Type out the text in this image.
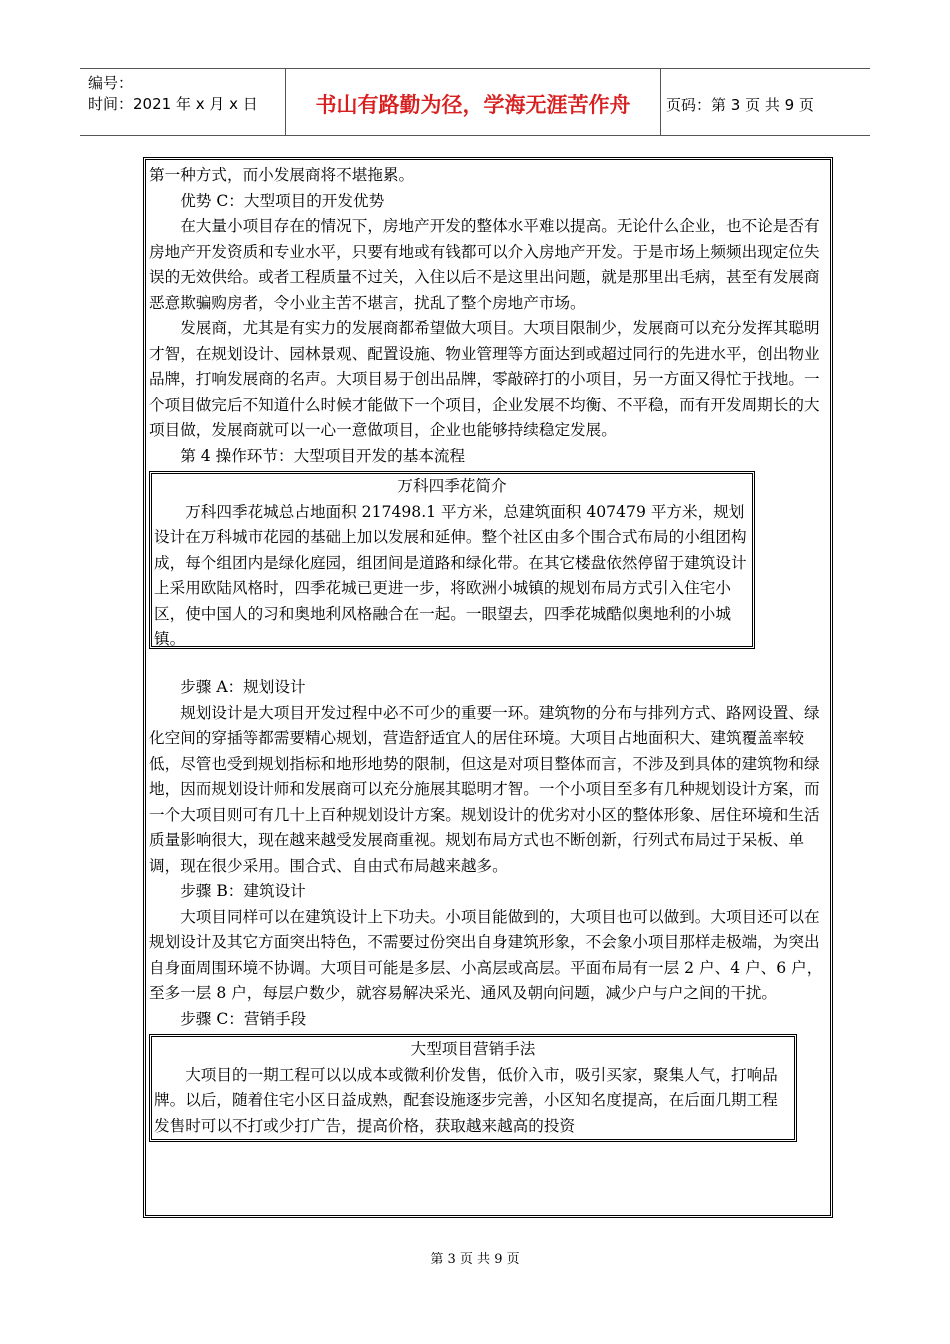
编号：
时间：2021 年 x 月 x 日	书山有路勤为径，学海无涯苦作舟	页码：第 3 页 共 9 页

第一种方式，而小发展商将不堪拖累。

优势 C：大型项目的开发优势

在大量小项目存在的情况下，房地产开发的整体水平难以提高。无论什么企业，也不论是否有房地产开发资质和专业水平，只要有地或有钱都可以介入房地产开发。于是市场上频频出现定位失误的无效供给。或者工程质量不过关，入住以后不是这里出问题，就是那里出毛病，甚至有发展商恶意欺骗购房者，令小业主苦不堪言，扰乱了整个房地产市场。

发展商，尤其是有实力的发展商都希望做大项目。大项目限制少，发展商可以充分发挥其聪明才智，在规划设计、园林景观、配置设施、物业管理等方面达到或超过同行的先进水平，创出物业品牌，打响发展商的名声。大项目易于创出品牌，零敲碎打的小项目，另一方面又得忙于找地。一个项目做完后不知道什么时候才能做下一个项目，企业发展不均衡、不平稳，而有开发周期长的大项目做，发展商就可以一心一意做项目，企业也能够持续稳定发展。

第 4 操作环节：大型项目开发的基本流程

万科四季花简介

万科四季花城总占地面积 217498.1 平方米，总建筑面积 407479 平方米，规划设计在万科城市花园的基础上加以发展和延伸。整个社区由多个围合式布局的小组团构成，每个组团内是绿化庭园，组团间是道路和绿化带。在其它楼盘依然停留于建筑设计上采用欧陆风格时，四季花城已更进一步，将欧洲小城镇的规划布局方式引入住宅小区，使中国人的习和奥地利风格融合在一起。一眼望去，四季花城酷似奥地利的小城镇。

步骤 A：规划设计

规划设计是大项目开发过程中必不可少的重要一环。建筑物的分布与排列方式、路网设置、绿化空间的穿插等都需要精心规划，营造舒适宜人的居住环境。大项目占地面积大、建筑覆盖率较低，尽管也受到规划指标和地形地势的限制，但这是对项目整体而言，不涉及到具体的建筑物和绿地，因而规划设计师和发展商可以充分施展其聪明才智。一个小项目至多有几种规划设计方案，而一个大项目则可有几十上百种规划设计方案。规划设计的优劣对小区的整体形象、居住环境和生活质量影响很大，现在越来越受发展商重视。规划布局方式也不断创新，行列式布局过于呆板、单调，现在很少采用。围合式、自由式布局越来越多。

步骤 B：建筑设计

大项目同样可以在建筑设计上下功夫。小项目能做到的，大项目也可以做到。大项目还可以在规划设计及其它方面突出特色，不需要过份突出自身建筑形象，不会象小项目那样走极端，为突出自身面周围环境不协调。大项目可能是多层、小高层或高层。平面布局有一层 2 户、4 户、6 户，至多一层 8 户，每层户数少，就容易解决采光、通风及朝向问题，减少户与户之间的干扰。

步骤 C：营销手段

大型项目营销手法

大项目的一期工程可以以成本或微利价发售，低价入市，吸引买家，聚集人气，打响品牌。以后，随着住宅小区日益成熟，配套设施逐步完善，小区知名度提高，在后面几期工程发售时可以不打或少打广告，提高价格，获取越来越高的投资

第 3 页 共 9 页
